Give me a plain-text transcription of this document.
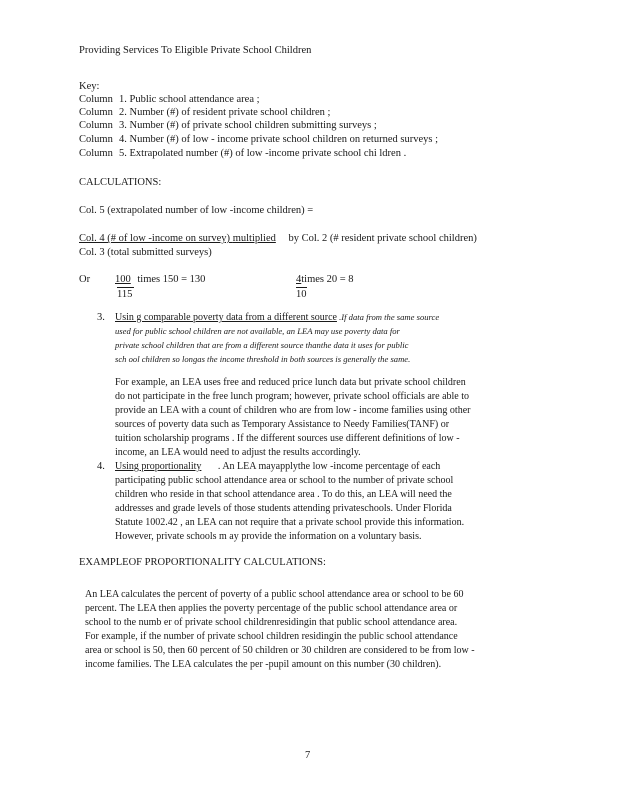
Providing Services To Eligible Private School Children
Key:
Column 1. Public school attendance area ;
Column 2. Number (#) of resident private school children ;
Column 3. Number (#) of private school children submitting surveys ;
Column 4. Number (#) of low - income private school children on returned surveys ;
Column 5. Extrapolated number (#) of low -income private school chi ldren .
CALCULATIONS:
Col. 5 (extrapolated number of low -income children) =
Col. 4 (# of low -income on survey) multiplied by Col. 2 (# resident private school children)
Col. 3 (total submitted surveys)
Or 100 times 150 = 130
115
4times 20 = 8
10
3. Usin g comparable poverty data from a different source .If data from the same source
used for public school children are not available, an LEA may use poverty data for
private school children that are from a different source thanthe data it uses for public
sch ool children so longas the income threshold in both sources is generally the same.
For example, an LEA uses free and reduced price lunch data but private school children
do not participate in the free lunch program; however, private school officials are able to
provide an LEA with a count of children who are from low - income families using other
sources of poverty data such as Temporary Assistance to Needy Families(TANF) or
tuition scholarship programs . If the different sources use different definitions of low -
income, an LEA would need to adjust the results accordingly.
4. Using proportionality . An LEA mayapplythe low -income percentage of each
participating public school attendance area or school to the number of private school
children who reside in that school attendance area . To do this, an LEA will need the
addresses and grade levels of those students attending privateschools. Under Florida
Statute 1002.42 , an LEA can not require that a private school provide this information.
However, private schools m ay provide the information on a voluntary basis.
EXAMPLEOF PROPORTIONALITY CALCULATIONS:
An LEA calculates the percent of poverty of a public school attendance area or school to be 60
percent. The LEA then applies the poverty percentage of the public school attendance area or
school to the numb er of private school childrenresidingin that public school attendance area.
For example, if the number of private school children residingin the public school attendance
area or school is 50, then 60 percent of 50 children or 30 children are considered to be from low -
income families. The LEA calculates the per -pupil amount on this number (30 children).
7
